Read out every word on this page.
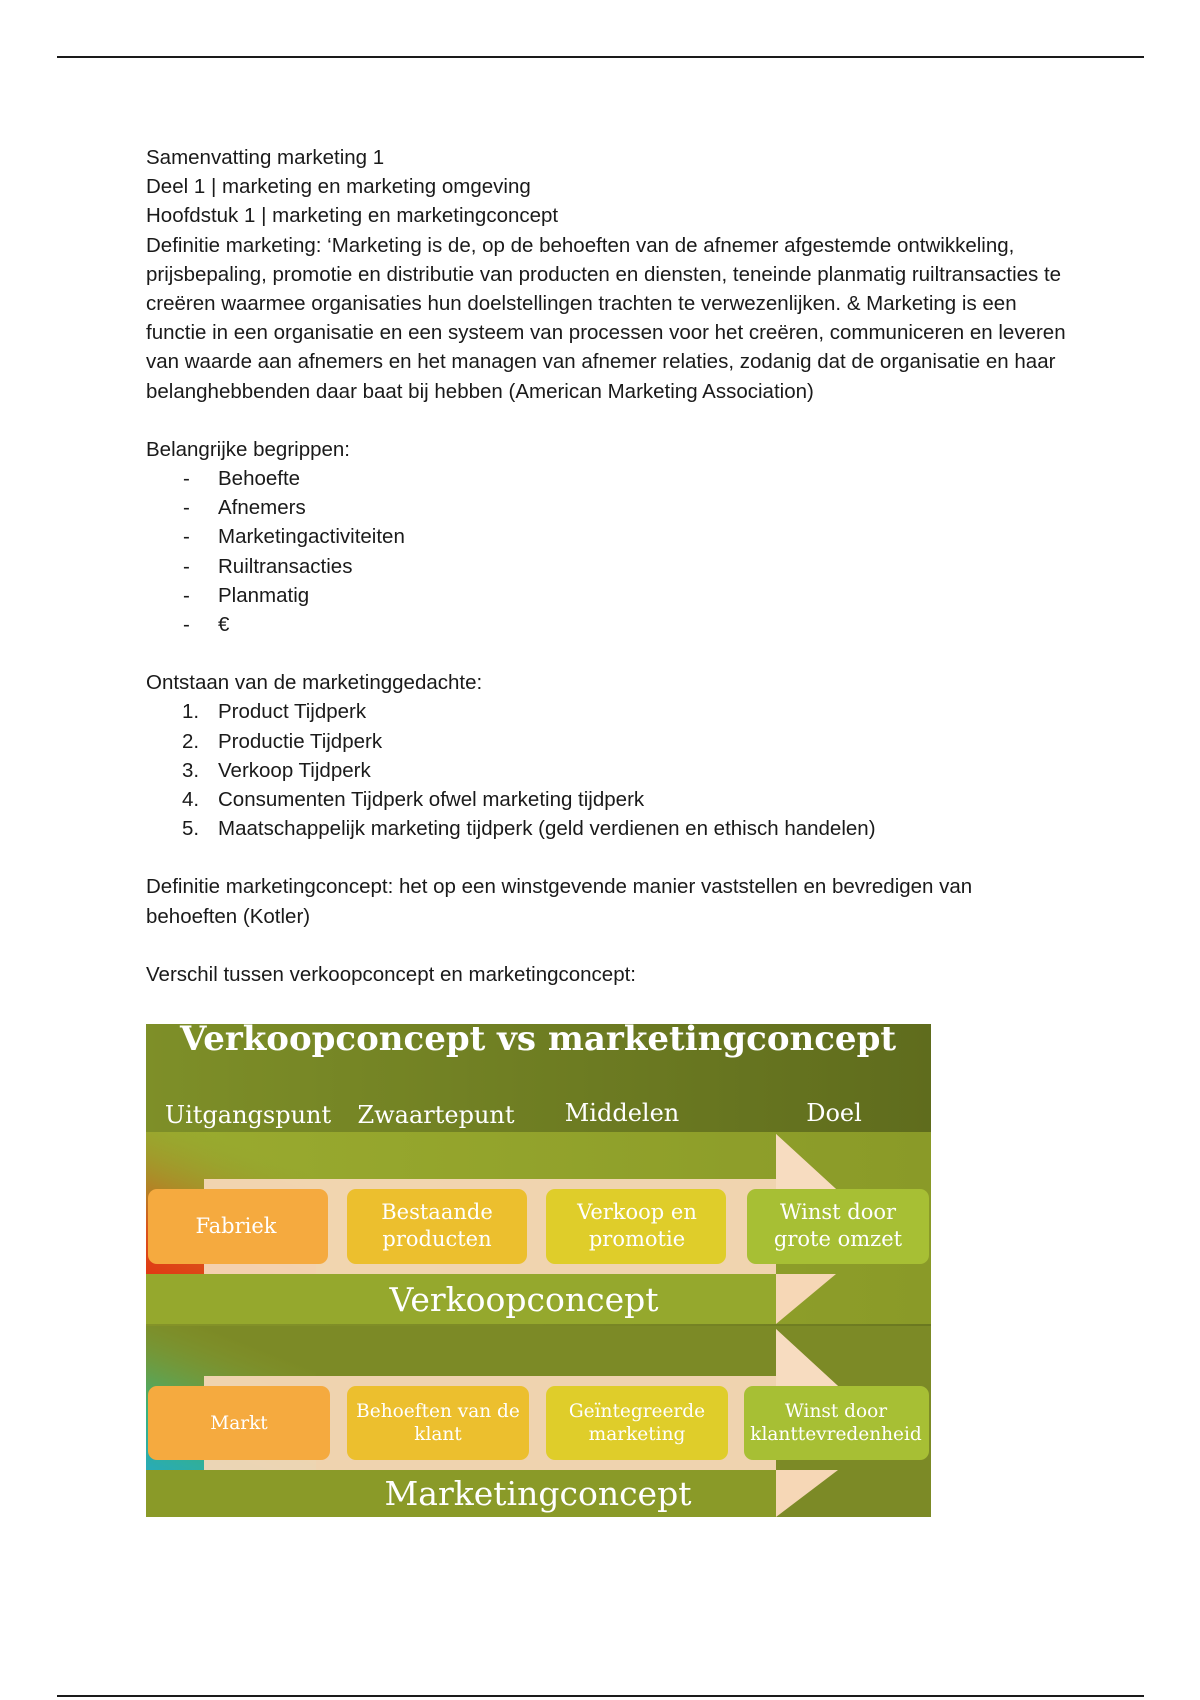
Samenvatting marketing 1

Deel 1 | marketing en marketing omgeving

Hoofdstuk 1 | marketing en marketingconcept

Definitie marketing: ‘Marketing is de, op de behoeften van de afnemer afgestemde ontwikkeling, prijsbepaling, promotie en distributie van producten en diensten, teneinde planmatig ruiltransacties te creëren waarmee organisaties hun doelstellingen trachten te verwezenlijken. & Marketing is een functie in een organisatie en een systeem van processen voor het creëren, communiceren en leveren van waarde aan afnemers en het managen van afnemer relaties, zodanig dat de organisatie en haar belanghebbenden daar baat bij hebben (American Marketing Association)

Belangrijke begrippen:

- Behoefte
- Afnemers
- Marketingactiviteiten
- Ruiltransacties
- Planmatig
- €

Ontstaan van de marketinggedachte:

1. Product Tijdperk
2. Productie Tijdperk
3. Verkoop Tijdperk
4. Consumenten Tijdperk ofwel marketing tijdperk
5. Maatschappelijk marketing tijdperk (geld verdienen en ethisch handelen)

Definitie marketingconcept: het op een winstgevende manier vaststellen en bevredigen van behoeften (Kotler)

Verschil tussen verkoopconcept en marketingconcept:

Verkoopconcept vs marketingconcept
Uitgangspunt Zwaartepunt Middelen	Doel
Fabriek
Bestaande
producten
Verkoop en
promotie
Winst door
grote omzet
Verkoopconcept
Markt
Behoeften van de
klant
Geïntegreerde
marketing
Winst door
klanttevredenheid
Marketingconcept
